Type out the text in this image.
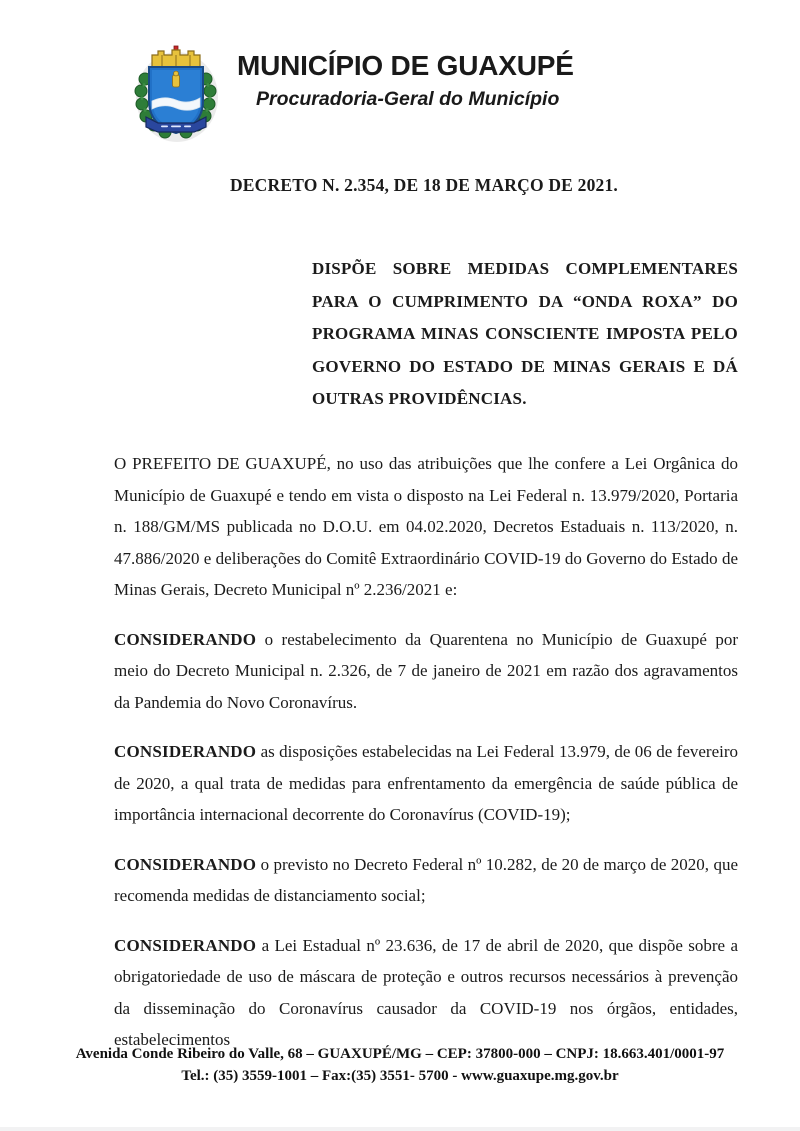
MUNICÍPIO DE GUAXUPÉ
Procuradoria-Geral do Município
DECRETO N. 2.354, DE 18 DE MARÇO DE 2021.
DISPÕE SOBRE MEDIDAS COMPLEMENTARES PARA O CUMPRIMENTO DA “ONDA ROXA” DO PROGRAMA MINAS CONSCIENTE IMPOSTA PELO GOVERNO DO ESTADO DE MINAS GERAIS E DÁ OUTRAS PROVIDÊNCIAS.

O PREFEITO DE GUAXUPÉ, no uso das atribuições que lhe confere a Lei Orgânica do Município de Guaxupé e tendo em vista o disposto na Lei Federal n. 13.979/2020, Portaria n. 188/GM/MS publicada no D.O.U. em 04.02.2020, Decretos Estaduais n. 113/2020, n. 47.886/2020 e deliberações do Comitê Extraordinário COVID-19 do Governo do Estado de Minas Gerais, Decreto Municipal nº 2.236/2021 e:

CONSIDERANDO o restabelecimento da Quarentena no Município de Guaxupé por meio do Decreto Municipal n. 2.326, de 7 de janeiro de 2021 em razão dos agravamentos da Pandemia do Novo Coronavírus.

CONSIDERANDO as disposições estabelecidas na Lei Federal 13.979, de 06 de fevereiro de 2020, a qual trata de medidas para enfrentamento da emergência de saúde pública de importância internacional decorrente do Coronavírus (COVID-19);

CONSIDERANDO o previsto no Decreto Federal nº 10.282, de 20 de março de 2020, que recomenda medidas de distanciamento social;

CONSIDERANDO a Lei Estadual nº 23.636, de 17 de abril de 2020, que dispõe sobre a obrigatoriedade de uso de máscara de proteção e outros recursos necessários à prevenção da disseminação do Coronavírus causador da COVID-19 nos órgãos, entidades, estabelecimentos

Avenida Conde Ribeiro do Valle, 68 – GUAXUPÉ/MG – CEP: 37800-000 – CNPJ: 18.663.401/0001-97
Tel.: (35) 3559-1001 – Fax:(35) 3551- 5700 - www.guaxupe.mg.gov.br
